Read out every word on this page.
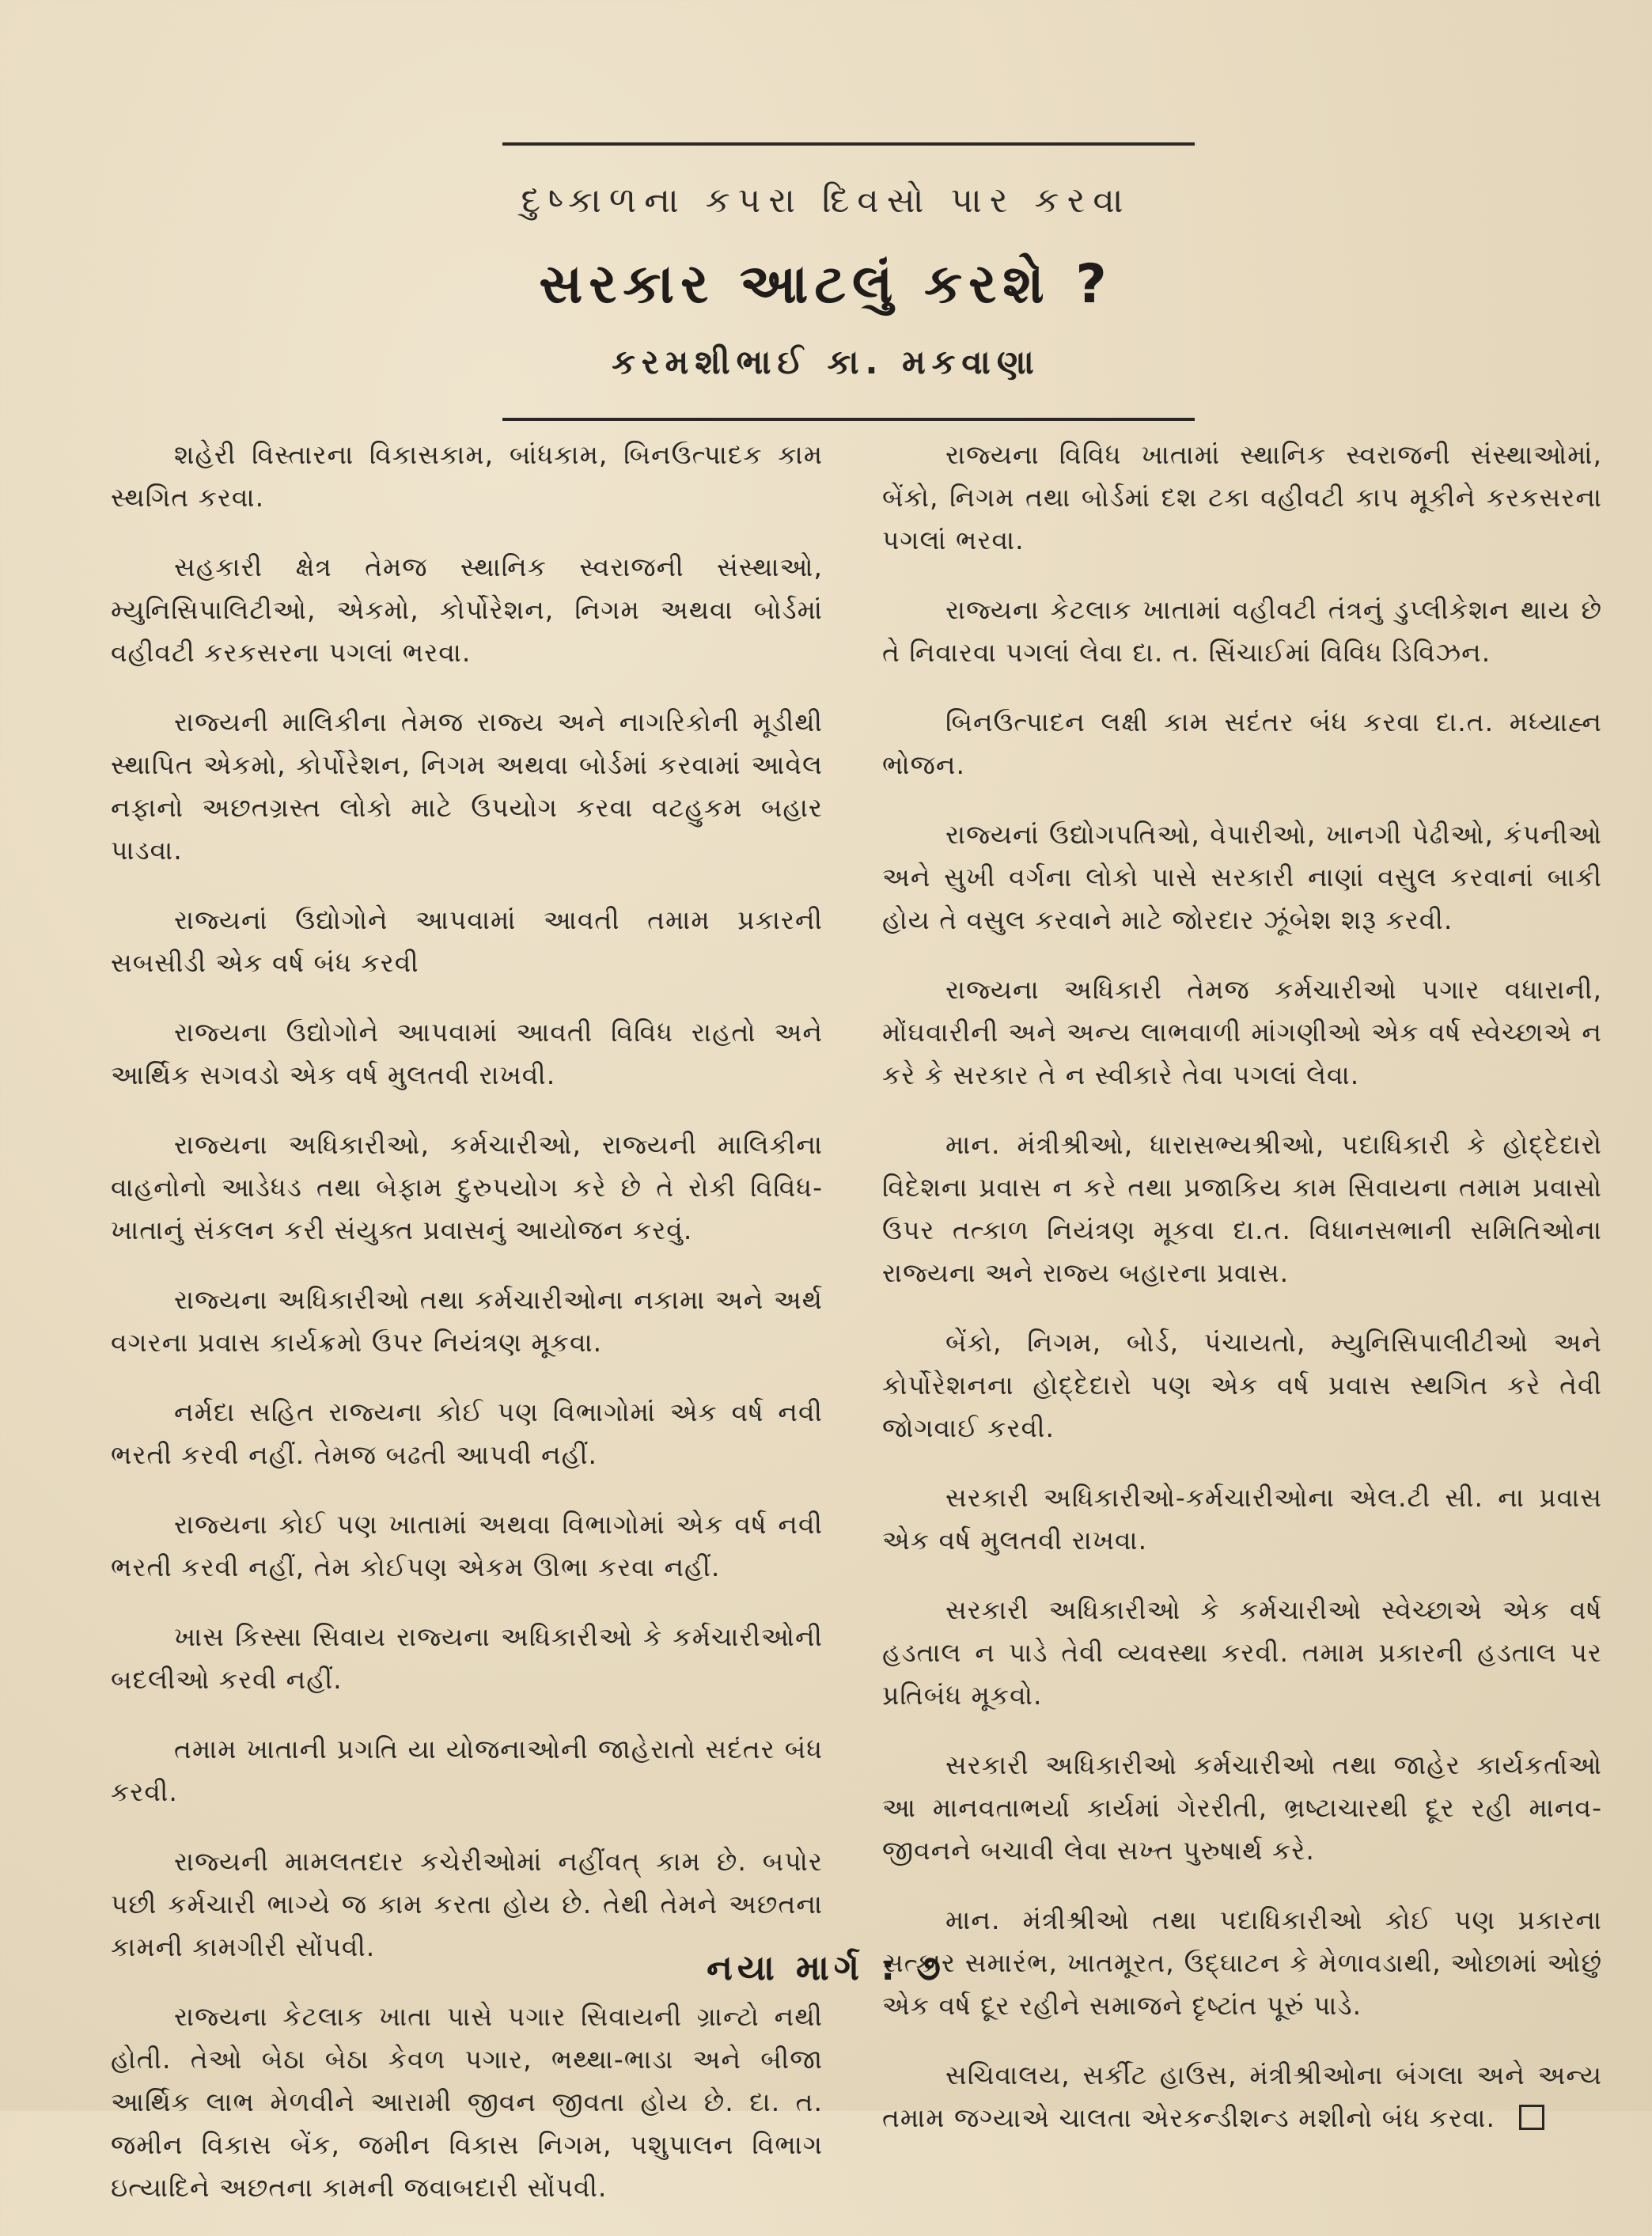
દુષ્કાળના કપરા દિવસો પાર કરવા
સરકાર આટલું કરશે ?
કરમશીભાઈ કા. મકવાણા

શહેરી વિસ્તારના વિકાસકામ, બાંધકામ, બિનઉત્પાદક કામ સ્થગિત કરવા.

સહકારી ક્ષેત્ર તેમજ સ્થાનિક સ્વરાજની સંસ્થાઓ, મ્યુનિસિપાલિટીઓ, એકમો, કોર્પોરેશન, નિગમ અથવા બોર્ડમાં વહીવટી કરકસરના પગલાં ભરવા.

રાજ્યની માલિકીના તેમજ રાજ્ય અને નાગરિકોની મૂડીથી સ્થાપિત એકમો, કોર્પોરેશન, નિગમ અથવા બોર્ડમાં કરવામાં આવેલ નફાનો અછતગ્રસ્ત લોકો માટે ઉપયોગ કરવા વટહુકમ બહાર પાડવા.

રાજ્યનાં ઉદ્યોગોને આપવામાં આવતી તમામ પ્રકારની સબસીડી એક વર્ષ બંધ કરવી

રાજ્યના ઉદ્યોગોને આપવામાં આવતી વિવિધ રાહતો અને આર્થિક સગવડો એક વર્ષ મુલતવી રાખવી.

રાજ્યના અધિકારીઓ, કર્મચારીઓ, રાજ્યની માલિકીના વાહનોનો આડેધડ તથા બેફામ દુરુપયોગ કરે છે તે રોકી વિવિધ-ખાતાનું સંકલન કરી સંયુક્ત પ્રવાસનું આયોજન કરવું.

રાજ્યના અધિકારીઓ તથા કર્મચારીઓના નકામા અને અર્થ વગરના પ્રવાસ કાર્યક્રમો ઉપર નિયંત્રણ મૂકવા.

નર્મદા સહિત રાજ્યના કોઈ પણ વિભાગોમાં એક વર્ષ નવી ભરતી કરવી નહીં. તેમજ બઢતી આપવી નહીં.

રાજ્યના કોઈ પણ ખાતામાં અથવા વિભાગોમાં એક વર્ષ નવી ભરતી કરવી નહીં, તેમ કોઈપણ એકમ ઊભા કરવા નહીં.

ખાસ કિસ્સા સિવાય રાજ્યના અધિકારીઓ કે કર્મચારીઓની બદલીઓ કરવી નહીં.

તમામ ખાતાની પ્રગતિ યા યોજનાઓની જાહેરાતો સદંતર બંધ કરવી.

રાજ્યની મામલતદાર કચેરીઓમાં નહીંવત્ કામ છે. બપોર પછી કર્મચારી ભાગ્યે જ કામ કરતા હોય છે. તેથી તેમને અછતના કામની કામગીરી સોંપવી.

રાજ્યના કેટલાક ખાતા પાસે પગાર સિવાયની ગ્રાન્ટો નથી હોતી. તેઓ બેઠા બેઠા કેવળ પગાર, ભથ્થા-ભાડા અને બીજા આર્થિક લાભ મેળવીને આરામી જીવન જીવતા હોય છે. દા. ત. જમીન વિકાસ બેંક, જમીન વિકાસ નિગમ, પશુપાલન વિભાગ ઇત્યાદિને અછતના કામની જવાબદારી સોંપવી.

રાજ્યના વિવિધ ખાતામાં સ્થાનિક સ્વરાજની સંસ્થાઓમાં, બેંકો, નિગમ તથા બોર્ડમાં દશ ટકા વહીવટી કાપ મૂકીને કરકસરના પગલાં ભરવા.

રાજ્યના કેટલાક ખાતામાં વહીવટી તંત્રનું ડુપ્લીકેશન થાય છે તે નિવારવા પગલાં લેવા દા. ત. સિંચાઈમાં વિવિધ ડિવિઝન.

બિનઉત્પાદન લક્ષી કામ સદંતર બંધ કરવા દા.ત. મધ્યાહ્ન ભોજન.

રાજ્યનાં ઉદ્યોગપતિઓ, વેપારીઓ, ખાનગી પેઢીઓ, કંપનીઓ અને સુખી વર્ગના લોકો પાસે સરકારી નાણાં વસુલ કરવાનાં બાકી હોય તે વસુલ કરવાને માટે જોરદાર ઝૂંબેશ શરૂ કરવી.

રાજ્યના અધિકારી તેમજ કર્મચારીઓ પગાર વધારાની, મોંઘવારીની અને અન્ય લાભવાળી માંગણીઓ એક વર્ષ સ્વેચ્છાએ ન કરે કે સરકાર તે ન સ્વીકારે તેવા પગલાં લેવા.

માન. મંત્રીશ્રીઓ, ધારાસભ્યશ્રીઓ, પદાધિકારી કે હોદ્દેદારો વિદેશના પ્રવાસ ન કરે તથા પ્રજાકિય કામ સિવાયના તમામ પ્રવાસો ઉપર તત્કાળ નિયંત્રણ મૂકવા દા.ત. વિધાનસભાની સમિતિઓના રાજ્યના અને રાજ્ય બહારના પ્રવાસ.

બેંકો, નિગમ, બોર્ડ, પંચાયતો, મ્યુનિસિપાલીટીઓ અને કોર્પોરેશનના હોદ્દેદારો પણ એક વર્ષ પ્રવાસ સ્થગિત કરે તેવી જોગવાઈ કરવી.

સરકારી અધિકારીઓ-કર્મચારીઓના એલ.ટી સી. ના પ્રવાસ એક વર્ષ મુલતવી રાખવા.

સરકારી અધિકારીઓ કે કર્મચારીઓ સ્વેચ્છાએ એક વર્ષ હડતાલ ન પાડે તેવી વ્યવસ્થા કરવી. તમામ પ્રકારની હડતાલ પર પ્રતિબંધ મૂકવો.

સરકારી અધિકારીઓ કર્મચારીઓ તથા જાહેર કાર્યકર્તાઓ આ માનવતાભર્યા કાર્યમાં ગેરરીતી, ભ્રષ્ટાચારથી દૂર રહી માનવ-જીવનને બચાવી લેવા સખ્ત પુરુષાર્થ કરે.

માન. મંત્રીશ્રીઓ તથા પદાધિકારીઓ કોઈ પણ પ્રકારના સત્કાર સમારંભ, ખાતમૂરત, ઉદ્ઘાટન કે મેળાવડાથી, ઓછામાં ઓછું એક વર્ષ દૂર રહીને સમાજને દૃષ્ટાંત પૂરું પાડે.

સચિવાલય, સર્કીટ હાઉસ, મંત્રીશ્રીઓના બંગલા અને અન્ય તમામ જગ્યાએ ચાલતા એરકન્ડીશન્ડ મશીનો બંધ કરવા.

નયા માર્ગ : ૭
